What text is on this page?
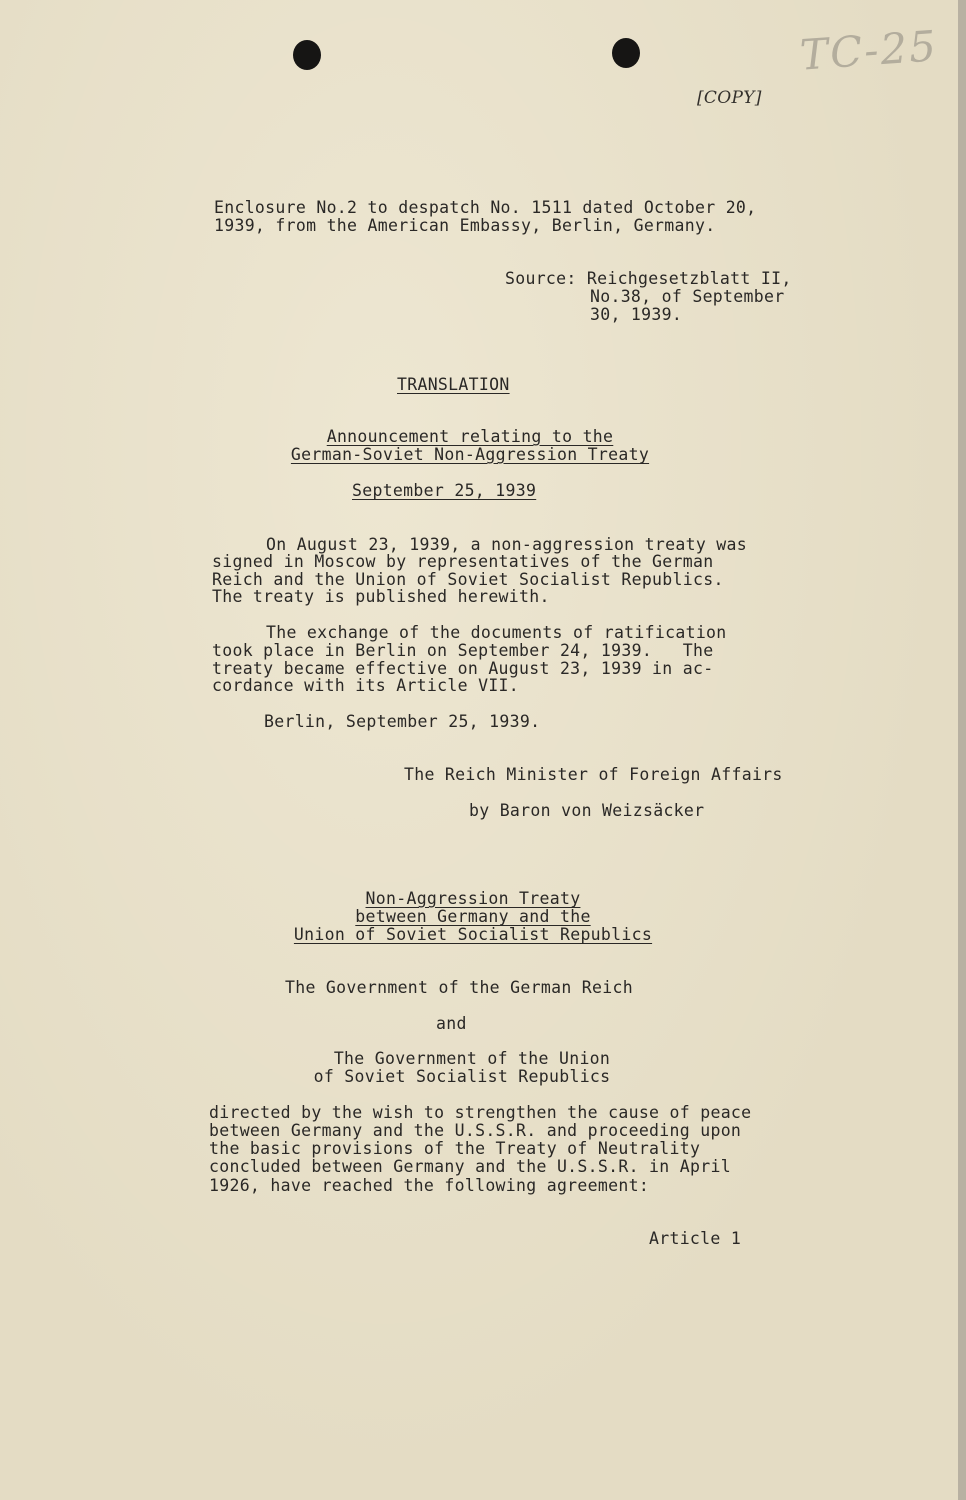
TC-25
[COPY]
Enclosure No.2 to despatch No. 1511 dated October 20,
1939, from the American Embassy, Berlin, Germany.
Source: Reichgesetzblatt II,
No.38, of September
30, 1939.
TRANSLATION
Announcement relating to the
German-Soviet Non-Aggression Treaty
September 25, 1939
On August 23, 1939, a non-aggression treaty was
signed in Moscow by representatives of the German
Reich and the Union of Soviet Socialist Republics.
The treaty is published herewith.
The exchange of the documents of ratification
took place in Berlin on September 24, 1939.   The
treaty became effective on August 23, 1939 in ac-
cordance with its Article VII.
Berlin, September 25, 1939.
The Reich Minister of Foreign Affairs
by Baron von Weizsäcker
Non-Aggression Treaty
between Germany and the
Union of Soviet Socialist Republics
The Government of the German Reich
and
The Government of the Union
of Soviet Socialist Republics
directed by the wish to strengthen the cause of peace
between Germany and the U.S.S.R. and proceeding upon
the basic provisions of the Treaty of Neutrality
concluded between Germany and the U.S.S.R. in April
1926, have reached the following agreement:
Article 1
